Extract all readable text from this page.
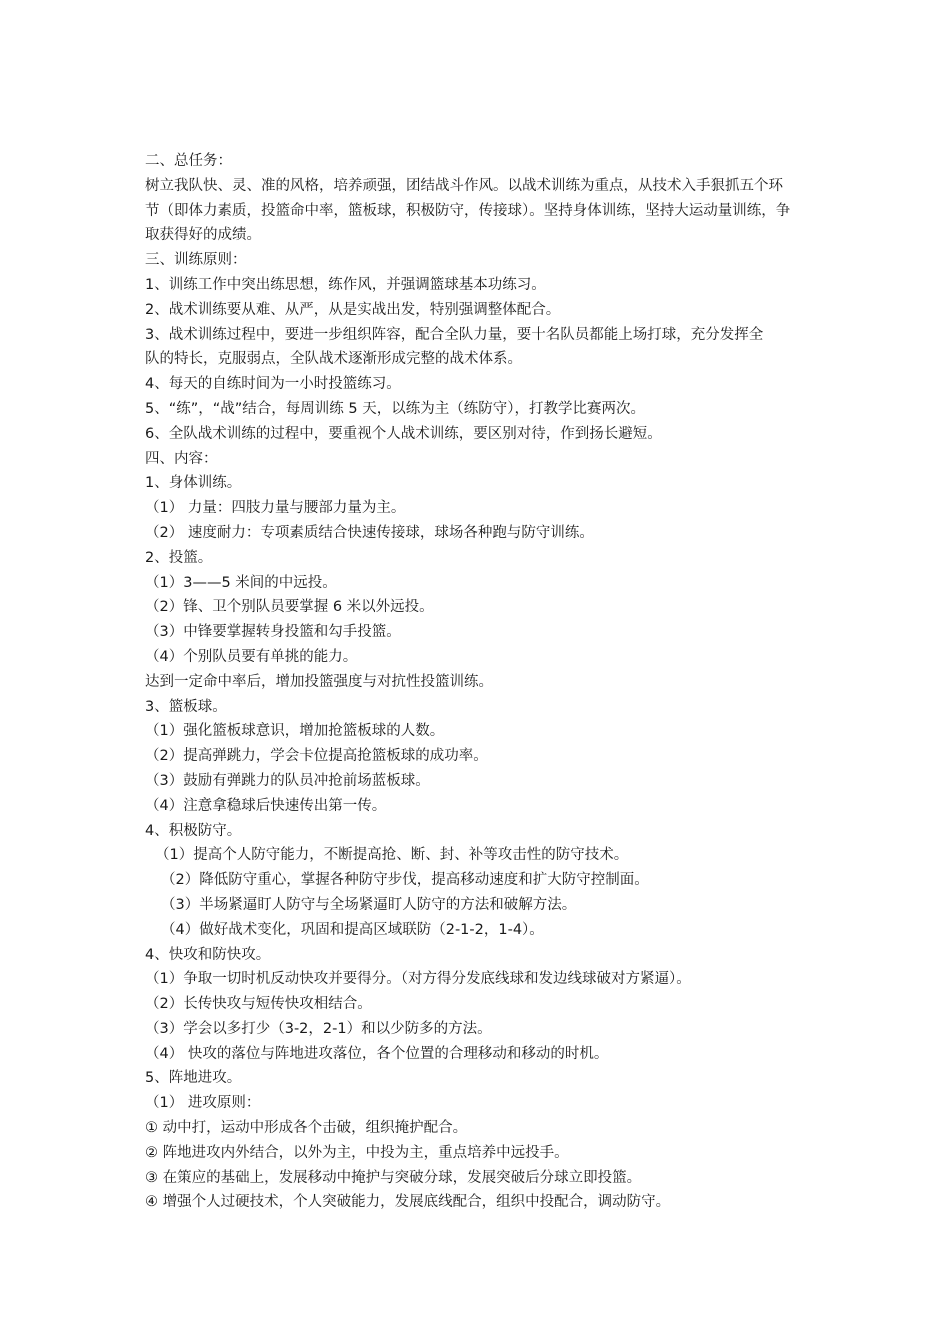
二、总任务：
树立我队快、灵、准的风格，培养顽强，团结战斗作风。以战术训练为重点，从技术入手狠抓五个环
节（即体力素质，投篮命中率，篮板球，积极防守，传接球）。坚持身体训练，坚持大运动量训练，争
取获得好的成绩。
三、训练原则：
1、训练工作中突出练思想，练作风，并强调篮球基本功练习。
2、战术训练要从难、从严，从是实战出发，特别强调整体配合。
3、战术训练过程中，要进一步组织阵容，配合全队力量，要十名队员都能上场打球，充分发挥全
队的特长，克服弱点，全队战术逐渐形成完整的战术体系。
4、每天的自练时间为一小时投篮练习。
5、“练”，“战”结合，每周训练 5 天，以练为主（练防守），打教学比赛两次。
6、全队战术训练的过程中，要重视个人战术训练，要区别对待，作到扬长避短。
四、内容：
1、身体训练。
（1） 力量：四肢力量与腰部力量为主。
（2） 速度耐力：专项素质结合快速传接球，球场各种跑与防守训练。
2、投篮。
（1）3——5 米间的中远投。
（2）锋、卫个别队员要掌握 6 米以外远投。
（3）中锋要掌握转身投篮和勾手投篮。
（4）个别队员要有单挑的能力。
达到一定命中率后，增加投篮强度与对抗性投篮训练。
3、篮板球。
（1）强化篮板球意识，增加抢篮板球的人数。
（2）提高弹跳力，学会卡位提高抢篮板球的成功率。
（3）鼓励有弹跳力的队员冲抢前场蓝板球。
（4）注意拿稳球后快速传出第一传。
4、积极防守。
（1）提高个人防守能力，不断提高抢、断、封、补等攻击性的防守技术。
（2）降低防守重心，掌握各种防守步伐，提高移动速度和扩大防守控制面。
（3）半场紧逼盯人防守与全场紧逼盯人防守的方法和破解方法。
（4）做好战术变化，巩固和提高区域联防（2-1-2，1-4）。
4、快攻和防快攻。
（1）争取一切时机反动快攻并要得分。（对方得分发底线球和发边线球破对方紧逼）。
（2）长传快攻与短传快攻相结合。
（3）学会以多打少（3-2，2-1）和以少防多的方法。
（4） 快攻的落位与阵地进攻落位，各个位置的合理移动和移动的时机。
5、阵地进攻。
（1） 进攻原则：
① 动中打，运动中形成各个击破，组织掩护配合。
② 阵地进攻内外结合，以外为主，中投为主，重点培养中远投手。
③ 在策应的基础上，发展移动中掩护与突破分球，发展突破后分球立即投篮。
④ 增强个人过硬技术，个人突破能力，发展底线配合，组织中投配合，调动防守。
